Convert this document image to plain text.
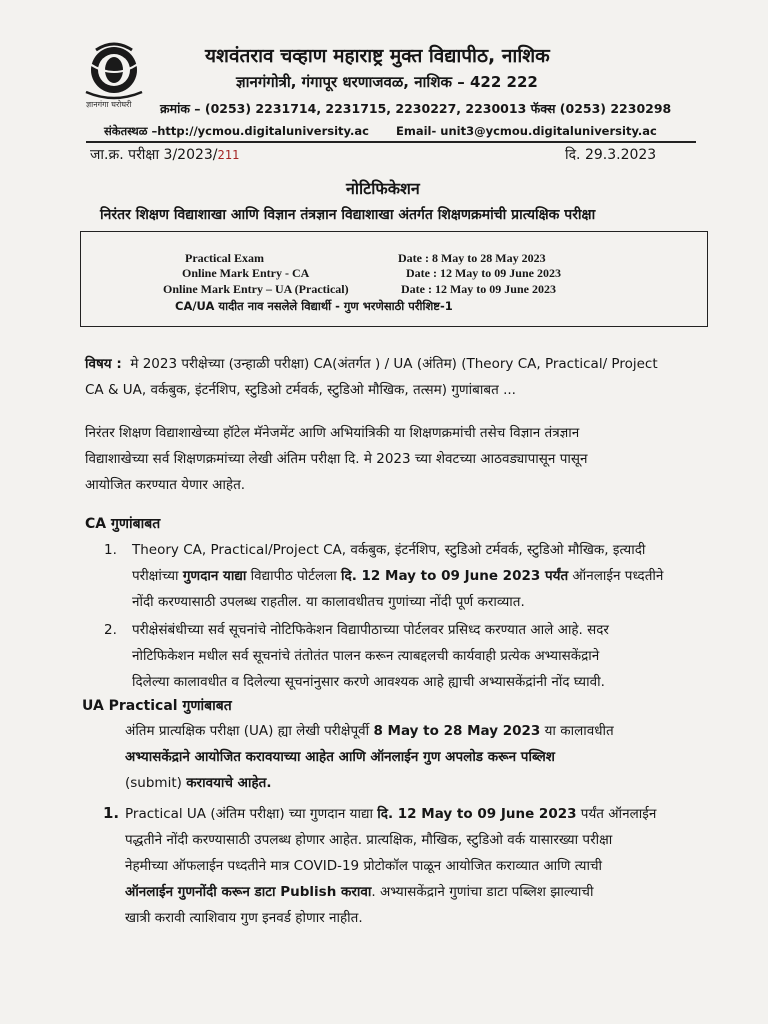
ज्ञानगंगा घरोघरी
यशवंतराव चव्हाण महाराष्ट्र मुक्त विद्यापीठ, नाशिक
ज्ञानगंगोत्री, गंगापूर धरणाजवळ, नाशिक – 422 222
क्रमांक – (0253) 2231714, 2231715, 2230227, 2230013 फॅक्स (0253) 2230298
संकेतस्थळ –http://ycmou.digitaluniversity.ac Email- unit3@ycmou.digitaluniversity.ac
जा.क्र. परीक्षा 3/2023/211	दि. 29.3.2023
नोटिफिकेशन
निरंतर शिक्षण विद्याशाखा आणि विज्ञान तंत्रज्ञान विद्याशाखा अंतर्गत शिक्षणक्रमांची प्रात्यक्षिक परीक्षा
Practical Exam	Date : 8 May to 28 May 2023
Online Mark Entry - CA	Date : 12 May to 09 June 2023
Online Mark Entry – UA (Practical)	Date : 12 May to 09 June 2023
CA/UA यादीत नाव नसलेले विद्यार्थी - गुण भरणेसाठी परीशिष्ट-1
विषय : मे 2023 परीक्षेच्या (उन्हाळी परीक्षा) CA(अंतर्गत ) / UA (अंतिम) (Theory CA, Practical/ Project
CA & UA, वर्कबुक, इंटर्नशिप, स्टुडिओ टर्मवर्क, स्टुडिओ मौखिक, तत्सम) गुणांबाबत ...
निरंतर शिक्षण विद्याशाखेच्या हॉटेल मॅनेजमेंट आणि अभियांत्रिकी या शिक्षणक्रमांची तसेच विज्ञान तंत्रज्ञान
विद्याशाखेच्या सर्व शिक्षणक्रमांच्या लेखी अंतिम परीक्षा दि. मे 2023 च्या शेवटच्या आठवड्यापासून पासून
आयोजित करण्यात येणार आहेत.
CA गुणांबाबत
1. Theory CA, Practical/Project CA, वर्कबुक, इंटर्नशिप, स्टुडिओ टर्मवर्क, स्टुडिओ मौखिक, इत्यादी
परीक्षांच्या गुणदान याद्या विद्यापीठ पोर्टलला दि. 12 May to 09 June 2023 पर्यंत ऑनलाईन पध्दतीने
नोंदी करण्यासाठी उपलब्ध राहतील. या कालावधीतच गुणांच्या नोंदी पूर्ण कराव्यात.
2. परीक्षेसंबंधीच्या सर्व सूचनांचे नोटिफिकेशन विद्यापीठाच्या पोर्टलवर प्रसिध्द करण्यात आले आहे. सदर
नोटिफिकेशन मधील सर्व सूचनांचे तंतोतंत पालन करून त्याबद्दलची कार्यवाही प्रत्येक अभ्यासकेंद्राने
दिलेल्या कालावधीत व दिलेल्या सूचनांनुसार करणे आवश्यक आहे ह्याची अभ्यासकेंद्रांनी नोंद घ्यावी.
UA Practical गुणांबाबत
अंतिम प्रात्यक्षिक परीक्षा (UA) ह्या लेखी परीक्षेपूर्वी 8 May to 28 May 2023 या कालावधीत
अभ्यासकेंद्राने आयोजित करावयाच्या आहेत आणि ऑनलाईन गुण अपलोड करून पब्लिश
(submit) करावयाचे आहेत.
1. Practical UA (अंतिम परीक्षा) च्या गुणदान याद्या दि. 12 May to 09 June 2023 पर्यंत ऑनलाईन
पद्धतीने नोंदी करण्यासाठी उपलब्ध होणार आहेत. प्रात्यक्षिक, मौखिक, स्टुडिओ वर्क यासारख्या परीक्षा
नेहमीच्या ऑफलाईन पध्दतीने मात्र COVID-19 प्रोटोकॉल पाळून आयोजित कराव्यात आणि त्याची
ऑनलाईन गुणनोंदी करून डाटा Publish करावा. अभ्यासकेंद्राने गुणांचा डाटा पब्लिश झाल्याची
खात्री करावी त्याशिवाय गुण इनवर्ड होणार नाहीत.
